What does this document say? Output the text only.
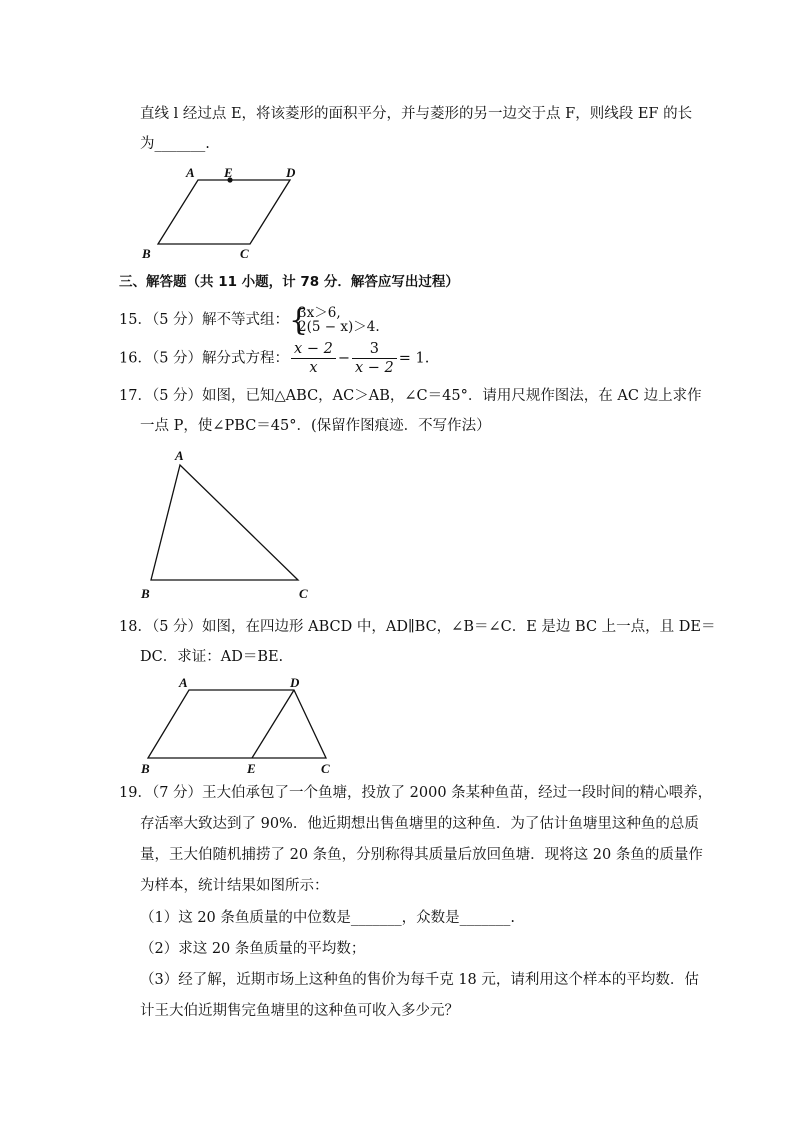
直线 l 经过点 E，将该菱形的面积平分，并与菱形的另一边交于点 F，则线段 EF 的长
为_______.
A E	D
B	C
三、解答题（共 11 小题，计 78 分．解答应写出过程）
15．（5 分）解不等式组： {
3x＞6,
2(5 − x)＞4.
16．（5 分）解分式方程： $\frac{x - 2}{x} - \frac{3}{x - 2} = 1$.
17．（5 分）如图，已知△ABC，AC＞AB，∠C＝45°．请用尺规作图法，在 AC 边上求作
一点 P，使∠PBC＝45°．(保留作图痕迹．不写作法）
A
B	C
18．（5 分）如图，在四边形 ABCD 中，AD∥BC，∠B＝∠C．E 是边 BC 上一点，且 DE＝
DC．求证：AD＝BE.
A	D
B	E	C
19．（7 分）王大伯承包了一个鱼塘，投放了 2000 条某种鱼苗，经过一段时间的精心喂养，
存活率大致达到了 90%．他近期想出售鱼塘里的这种鱼．为了估计鱼塘里这种鱼的总质
量，王大伯随机捕捞了 20 条鱼，分别称得其质量后放回鱼塘．现将这 20 条鱼的质量作
为样本，统计结果如图所示：
（1）这 20 条鱼质量的中位数是_______，众数是_______.
（2）求这 20 条鱼质量的平均数；
（3）经了解，近期市场上这种鱼的售价为每千克 18 元，请利用这个样本的平均数．估
计王大伯近期售完鱼塘里的这种鱼可收入多少元？
